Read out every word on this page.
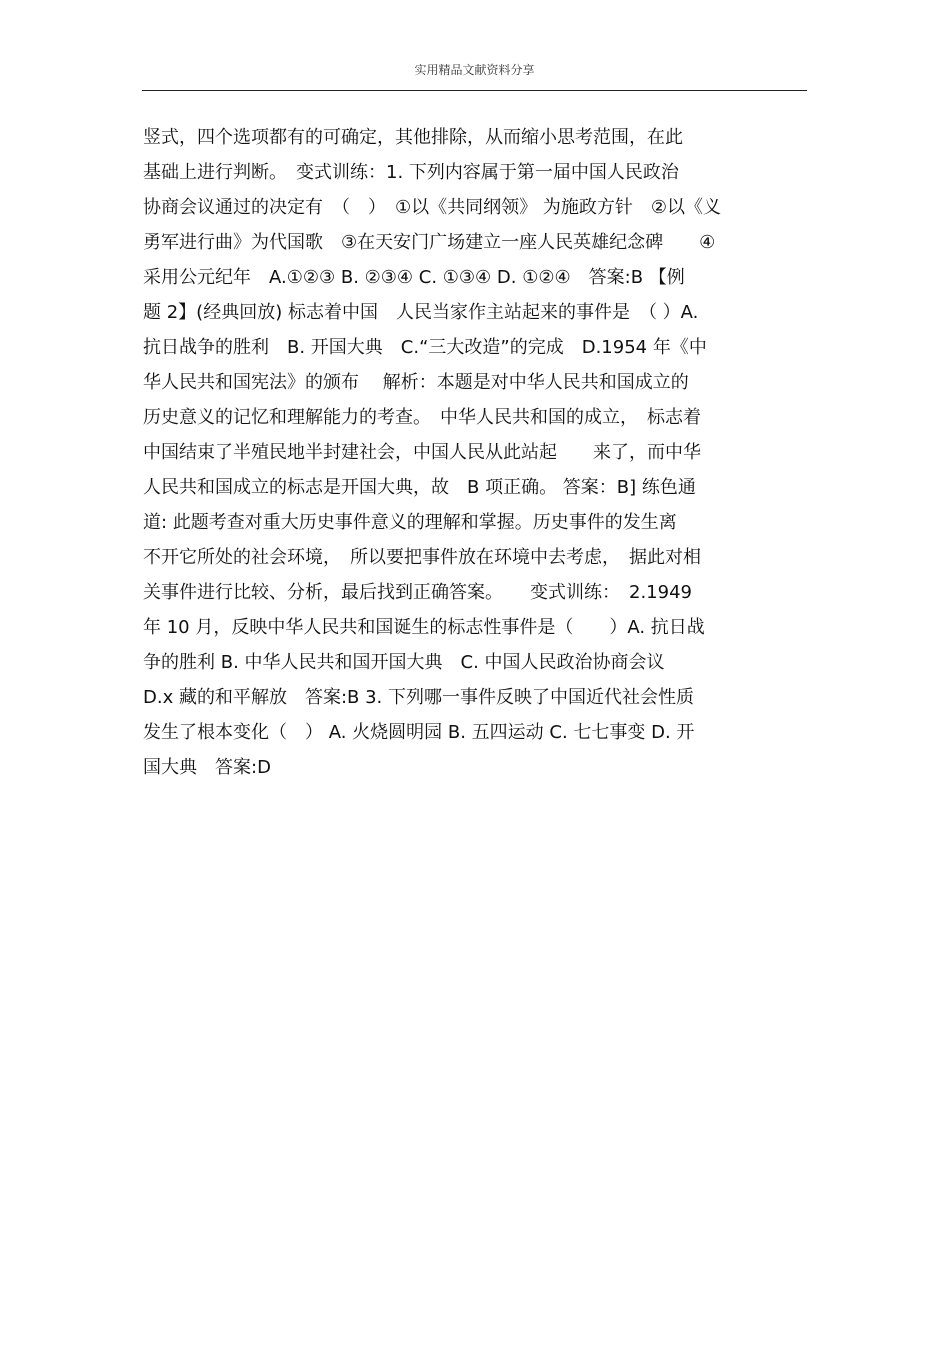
实用精品文献资料分享
竖式，四个选项都有的可确定，其他排除，从而缩小思考范围，在此
基础上进行判断。　变式训练：1. 下列内容属于第一届中国人民政治
协商会议通过的决定有　（　）　①以《共同纲领》 为施政方针　②以《义
勇军进行曲》为代国歌　③在天安门广场建立一座人民英雄纪念碑　　④
采用公元纪年　A.①②③ B. ②③④ C. ①③④ D. ①②④　答案:B 【例
题 2】(经典回放) 标志着中国　人民当家作主站起来的事件是　（ ）A.
抗日战争的胜利　B. 开国大典　C.“三大改造”的完成　D.1954 年《中
华人民共和国宪法》的颁布　 解析：本题是对中华人民共和国成立的
历史意义的记忆和理解能力的考查。　中华人民共和国的成立，　标志着
中国结束了半殖民地半封建社会，中国人民从此站起　　来了，而中华
人民共和国成立的标志是开国大典，故　B 项正确。 答案：B] 练色通
道: 此题考查对重大历史事件意义的理解和掌握。历史事件的发生离
不开它所处的社会环境，　所以要把事件放在环境中去考虑，　据此对相
关事件进行比较、分析，最后找到正确答案。　　变式训练：　2.1949
年 10 月，反映中华人民共和国诞生的标志性事件是（　　）A. 抗日战
争的胜利 B. 中华人民共和国开国大典　C. 中国人民政治协商会议
D.x 藏的和平解放　答案:B 3. 下列哪一事件反映了中国近代社会性质
发生了根本变化（　） A. 火烧圆明园 B. 五四运动 C. 七七事变 D. 开
国大典　答案:D
